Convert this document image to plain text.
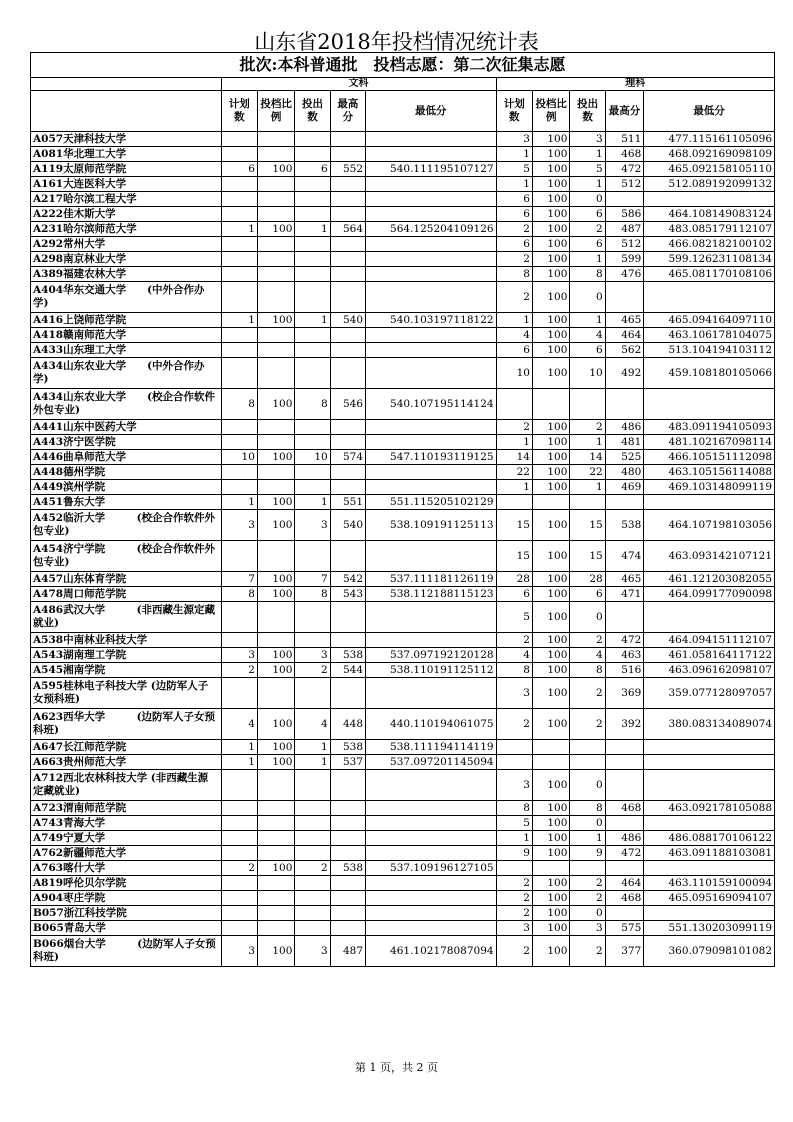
山东省2018年投档情况统计表
批次:本科普通批　投档志愿：第二次征集志愿										
	文科					理科				
	计划数	投档比例	投出数	最高分	最低分	计划数	投档比例	投出数	最高分	最低分
A057天津科技大学						3	100	3	511	477.115161105096
A081华北理工大学						1	100	1	468	468.092169098109
A119太原师范学院	6	100	6	552	540.111195107127	5	100	5	472	465.092158105110
A161大连医科大学						1	100	1	512	512.089192099132
A217哈尔滨工程大学						6	100	0		
A222佳木斯大学						6	100	6	586	464.108149083124
A231哈尔滨师范大学	1	100	1	564	564.125204109126	2	100	2	487	483.085179112107
A292常州大学						6	100	6	512	466.082182100102
A298南京林业大学						2	100	1	599	599.126231108134
A389福建农林大学						8	100	8	476	465.081170108106
A404华东交通大学　　(中外合作办学)						2	100	0		
A416上饶师范学院	1	100	1	540	540.103197118122	1	100	1	465	465.094164097110
A418赣南师范大学						4	100	4	464	463.106178104075
A433山东理工大学						6	100	6	562	513.104194103112
A434山东农业大学　　(中外合作办学)						10	100	10	492	459.108180105066
A434山东农业大学　　(校企合作软件外包专业)	8	100	8	546	540.107195114124					
A441山东中医药大学						2	100	2	486	483.091194105093
A443济宁医学院						1	100	1	481	481.102167098114
A446曲阜师范大学	10	100	10	574	547.110193119125	14	100	14	525	466.105151112098
A448德州学院						22	100	22	480	463.105156114088
A449滨州学院						1	100	1	469	469.103148099119
A451鲁东大学	1	100	1	551	551.115205102129					
A452临沂大学　　　(校企合作软件外包专业)	3	100	3	540	538.109191125113	15	100	15	538	464.107198103056
A454济宁学院　　　(校企合作软件外包专业)						15	100	15	474	463.093142107121
A457山东体育学院	7	100	7	542	537.111181126119	28	100	28	465	461.121203082055
A478周口师范学院	8	100	8	543	538.112188115123	6	100	6	471	464.099177090098
A486武汉大学　　　(非西藏生源定藏就业)						5	100	0		
A538中南林业科技大学						2	100	2	472	464.094151112107
A543湖南理工学院	3	100	3	538	537.097192120128	4	100	4	463	461.058164117122
A545湘南学院	2	100	2	544	538.110191125112	8	100	8	516	463.096162098107
A595桂林电子科技大学 (边防军人子女预科班)						3	100	2	369	359.077128097057
A623西华大学　　　(边防军人子女预科班)	4	100	4	448	440.110194061075	2	100	2	392	380.083134089074
A647长江师范学院	1	100	1	538	538.111194114119					
A663贵州师范大学	1	100	1	537	537.097201145094					
A712西北农林科技大学 (非西藏生源定藏就业)						3	100	0		
A723渭南师范学院						8	100	8	468	463.092178105088
A743青海大学						5	100	0		
A749宁夏大学						1	100	1	486	486.088170106122
A762新疆师范大学						9	100	9	472	463.091188103081
A763喀什大学	2	100	2	538	537.109196127105					
A819呼伦贝尔学院						2	100	2	464	463.110159100094
A904枣庄学院						2	100	2	468	465.095169094107
B057浙江科技学院						2	100	0		
B065青岛大学						3	100	3	575	551.130203099119
B066烟台大学　　　(边防军人子女预科班)	3	100	3	487	461.102178087094	2	100	2	377	360.079098101082
第 1 页，共 2 页
